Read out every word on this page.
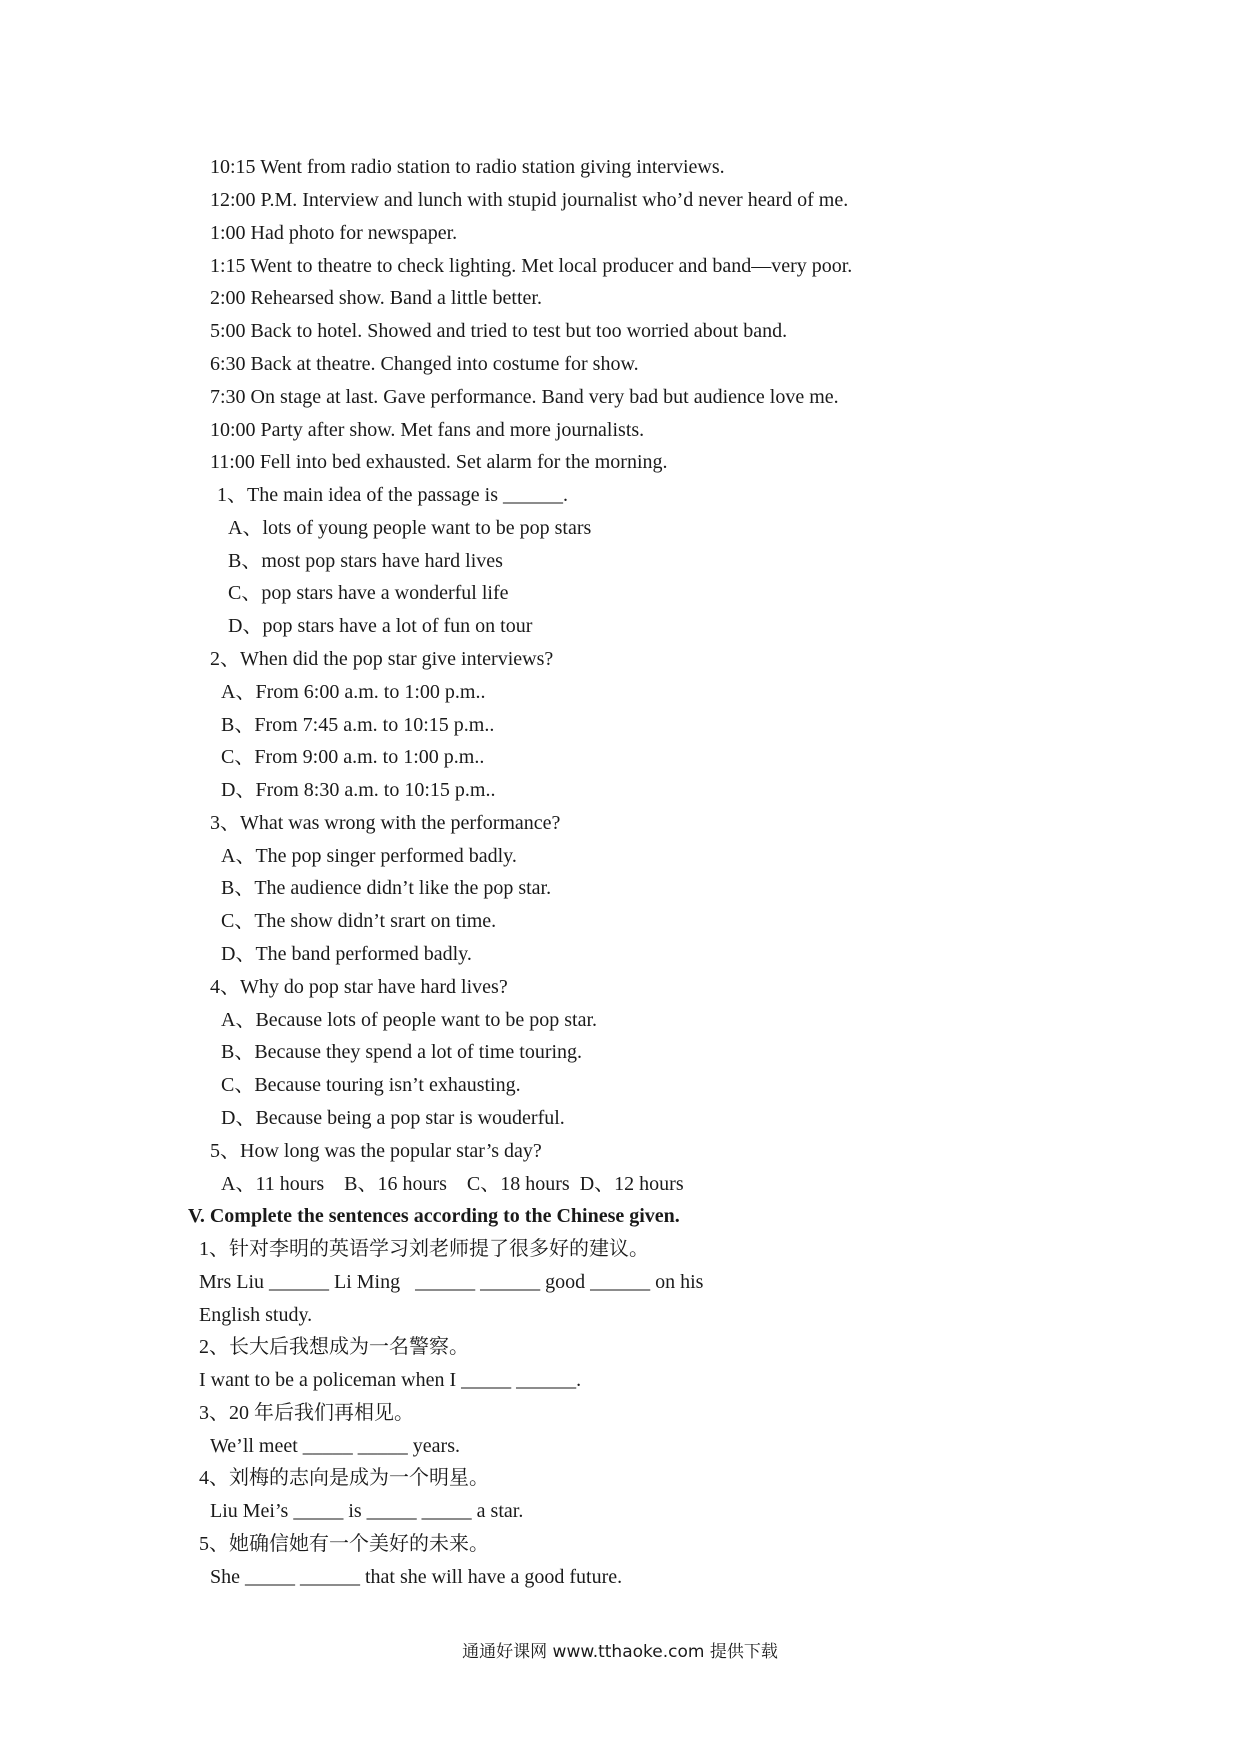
10:15 Went from radio station to radio station giving interviews.
12:00 P.M. Interview and lunch with stupid journalist who’d never heard of me.
1:00 Had photo for newspaper.
1:15 Went to theatre to check lighting. Met local producer and band—very poor.
2:00 Rehearsed show. Band a little better.
5:00 Back to hotel. Showed and tried to test but too worried about band.
6:30 Back at theatre. Changed into costume for show.
7:30 On stage at last. Gave performance. Band very bad but audience love me.
10:00 Party after show. Met fans and more journalists.
11:00 Fell into bed exhausted. Set alarm for the morning.
1、The main idea of the passage is ______.
A、lots of young people want to be pop stars
B、most pop stars have hard lives
C、pop stars have a wonderful life
D、pop stars have a lot of fun on tour
2、When did the pop star give interviews?
A、From 6:00 a.m. to 1:00 p.m..
B、From 7:45 a.m. to 10:15 p.m..
C、From 9:00 a.m. to 1:00 p.m..
D、From 8:30 a.m. to 10:15 p.m..
3、What was wrong with the performance?
A、The pop singer performed badly.
B、The audience didn’t like the pop star.
C、The show didn’t srart on time.
D、The band performed badly.
4、Why do pop star have hard lives?
A、Because lots of people want to be pop star.
B、Because they spend a lot of time touring.
C、Because touring isn’t exhausting.
D、Because being a pop star is wouderful.
5、How long was the popular star’s day?
A、11 hours    B、16 hours    C、18 hours  D、12 hours
V. Complete the sentences according to the Chinese given.
1、针对李明的英语学习刘老师提了很多好的建议。
Mrs Liu ______ Li Ming   ______ ______ good ______ on his
English study.
2、长大后我想成为一名警察。
I want to be a policeman when I _____ ______.
3、20 年后我们再相见。
We’ll meet _____ _____ years.
4、刘梅的志向是成为一个明星。
Liu Mei’s _____ is _____ _____ a star.
5、她确信她有一个美好的未来。
She _____ ______ that she will have a good future.
通通好课网 www.tthaoke.com 提供下载
